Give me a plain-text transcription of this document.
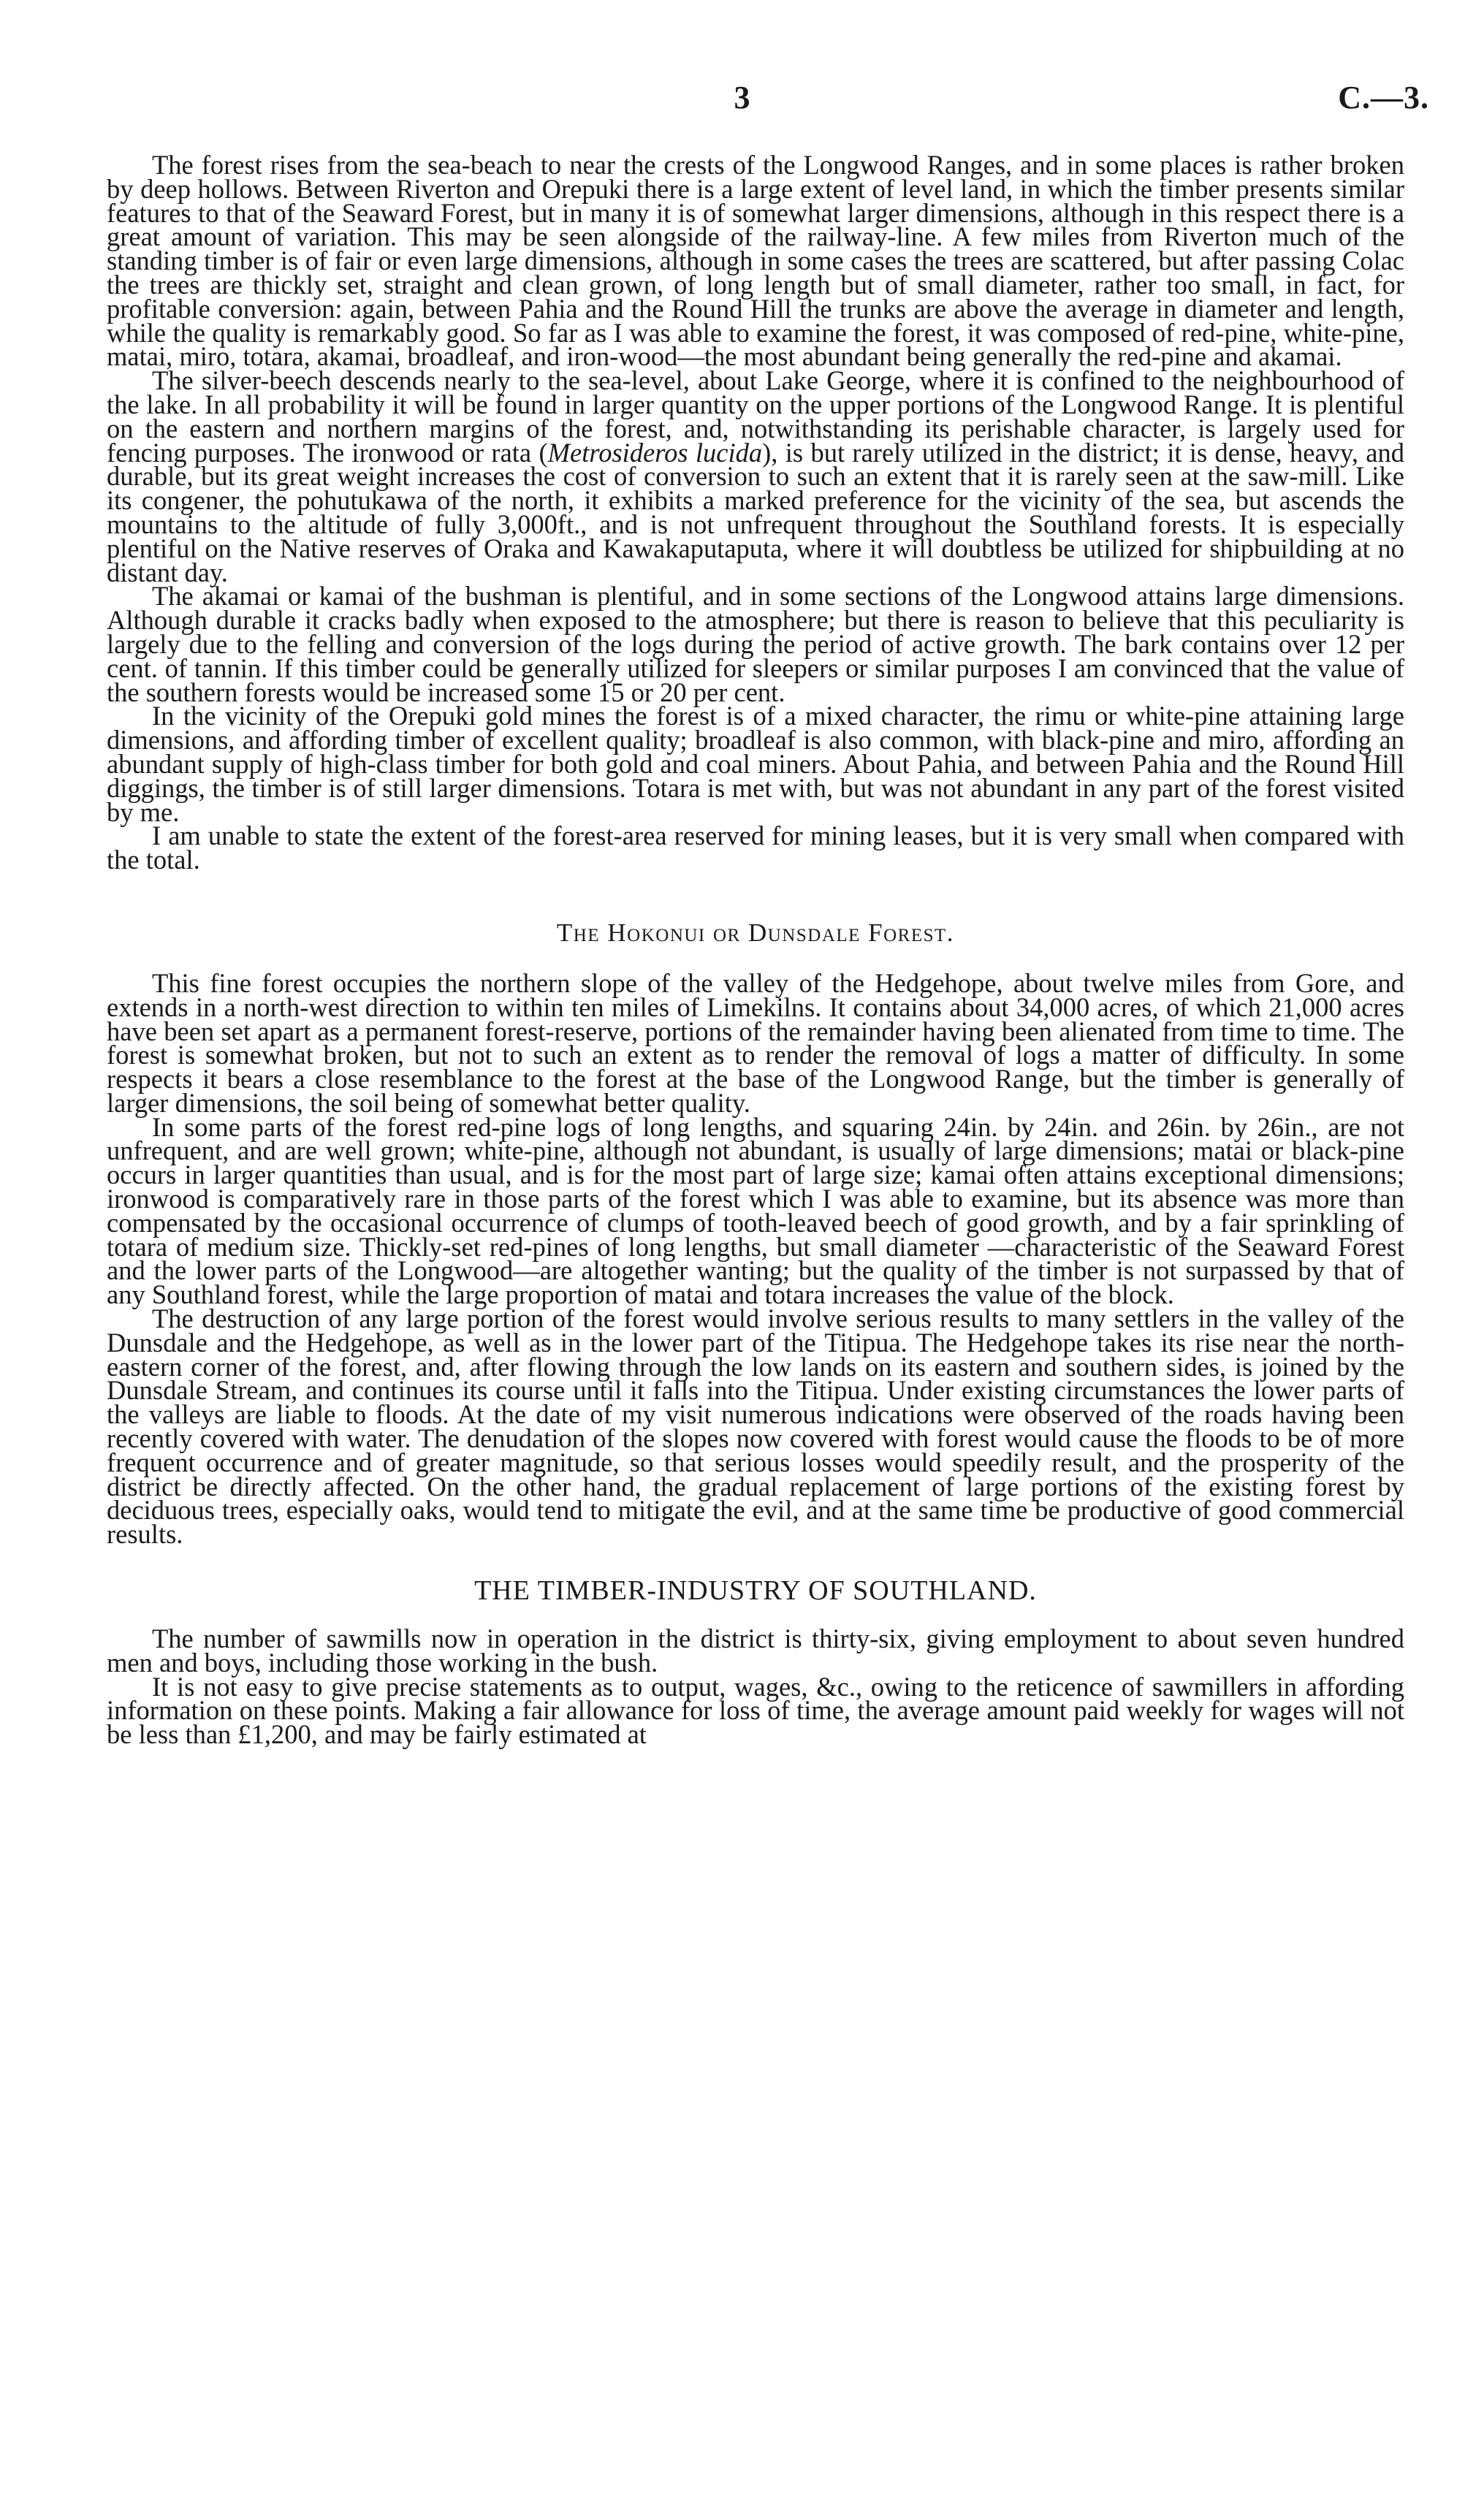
3	C.—3.

The forest rises from the sea-beach to near the crests of the Longwood Ranges, and in some places is rather broken by deep hollows. Between Riverton and Orepuki there is a large extent of level land, in which the timber presents similar features to that of the Seaward Forest, but in many it is of somewhat larger dimensions, although in this respect there is a great amount of variation. This may be seen alongside of the railway-line. A few miles from Riverton much of the standing timber is of fair or even large dimensions, although in some cases the trees are scattered, but after passing Colac the trees are thickly set, straight and clean grown, of long length but of small diameter, rather too small, in fact, for profitable conversion: again, between Pahia and the Round Hill the trunks are above the average in diameter and length, while the quality is remarkably good. So far as I was able to examine the forest, it was composed of red-pine, white-pine, matai, miro, totara, akamai, broadleaf, and iron-wood—the most abundant being generally the red-pine and akamai.

The silver-beech descends nearly to the sea-level, about Lake George, where it is confined to the neighbourhood of the lake. In all probability it will be found in larger quantity on the upper portions of the Longwood Range. It is plentiful on the eastern and northern margins of the forest, and, notwithstanding its perishable character, is largely used for fencing purposes. The ironwood or rata (Metrosideros lucida), is but rarely utilized in the district; it is dense, heavy, and durable, but its great weight increases the cost of conversion to such an extent that it is rarely seen at the saw-mill. Like its congener, the pohutukawa of the north, it exhibits a marked preference for the vicinity of the sea, but ascends the mountains to the altitude of fully 3,000ft., and is not unfrequent throughout the Southland forests. It is especially plentiful on the Native reserves of Oraka and Kawakaputaputa, where it will doubtless be utilized for shipbuilding at no distant day.

The akamai or kamai of the bushman is plentiful, and in some sections of the Longwood attains large dimensions. Although durable it cracks badly when exposed to the atmosphere; but there is reason to believe that this peculiarity is largely due to the felling and conversion of the logs during the period of active growth. The bark contains over 12 per cent. of tannin. If this timber could be generally utilized for sleepers or similar purposes I am convinced that the value of the southern forests would be increased some 15 or 20 per cent.

In the vicinity of the Orepuki gold mines the forest is of a mixed character, the rimu or white-pine attaining large dimensions, and affording timber of excellent quality; broadleaf is also common, with black-pine and miro, affording an abundant supply of high-class timber for both gold and coal miners. About Pahia, and between Pahia and the Round Hill diggings, the timber is of still larger dimensions. Totara is met with, but was not abundant in any part of the forest visited by me.

I am unable to state the extent of the forest-area reserved for mining leases, but it is very small when compared with the total.

The Hokonui or Dunsdale Forest.

This fine forest occupies the northern slope of the valley of the Hedgehope, about twelve miles from Gore, and extends in a north-west direction to within ten miles of Limekilns. It contains about 34,000 acres, of which 21,000 acres have been set apart as a permanent forest-reserve, portions of the remainder having been alienated from time to time. The forest is somewhat broken, but not to such an extent as to render the removal of logs a matter of difficulty. In some respects it bears a close resemblance to the forest at the base of the Longwood Range, but the timber is generally of larger dimensions, the soil being of somewhat better quality.

In some parts of the forest red-pine logs of long lengths, and squaring 24in. by 24in. and 26in. by 26in., are not unfrequent, and are well grown; white-pine, although not abundant, is usually of large dimensions; matai or black-pine occurs in larger quantities than usual, and is for the most part of large size; kamai often attains exceptional dimensions; ironwood is comparatively rare in those parts of the forest which I was able to examine, but its absence was more than compensated by the occasional occurrence of clumps of tooth-leaved beech of good growth, and by a fair sprinkling of totara of medium size. Thickly-set red-pines of long lengths, but small diameter —characteristic of the Seaward Forest and the lower parts of the Longwood—are altogether wanting; but the quality of the timber is not surpassed by that of any Southland forest, while the large proportion of matai and totara increases the value of the block.

The destruction of any large portion of the forest would involve serious results to many settlers in the valley of the Dunsdale and the Hedgehope, as well as in the lower part of the Titipua. The Hedgehope takes its rise near the north-eastern corner of the forest, and, after flowing through the low lands on its eastern and southern sides, is joined by the Dunsdale Stream, and continues its course until it falls into the Titipua. Under existing circumstances the lower parts of the valleys are liable to floods. At the date of my visit numerous indications were observed of the roads having been recently covered with water. The denudation of the slopes now covered with forest would cause the floods to be of more frequent occurrence and of greater magnitude, so that serious losses would speedily result, and the prosperity of the district be directly affected. On the other hand, the gradual replacement of large portions of the existing forest by deciduous trees, especially oaks, would tend to mitigate the evil, and at the same time be productive of good commercial results.

THE TIMBER-INDUSTRY OF SOUTHLAND.

The number of sawmills now in operation in the district is thirty-six, giving employment to about seven hundred men and boys, including those working in the bush.

It is not easy to give precise statements as to output, wages, &c., owing to the reticence of sawmillers in affording information on these points. Making a fair allowance for loss of time, the average amount paid weekly for wages will not be less than £1,200, and may be fairly estimated at
